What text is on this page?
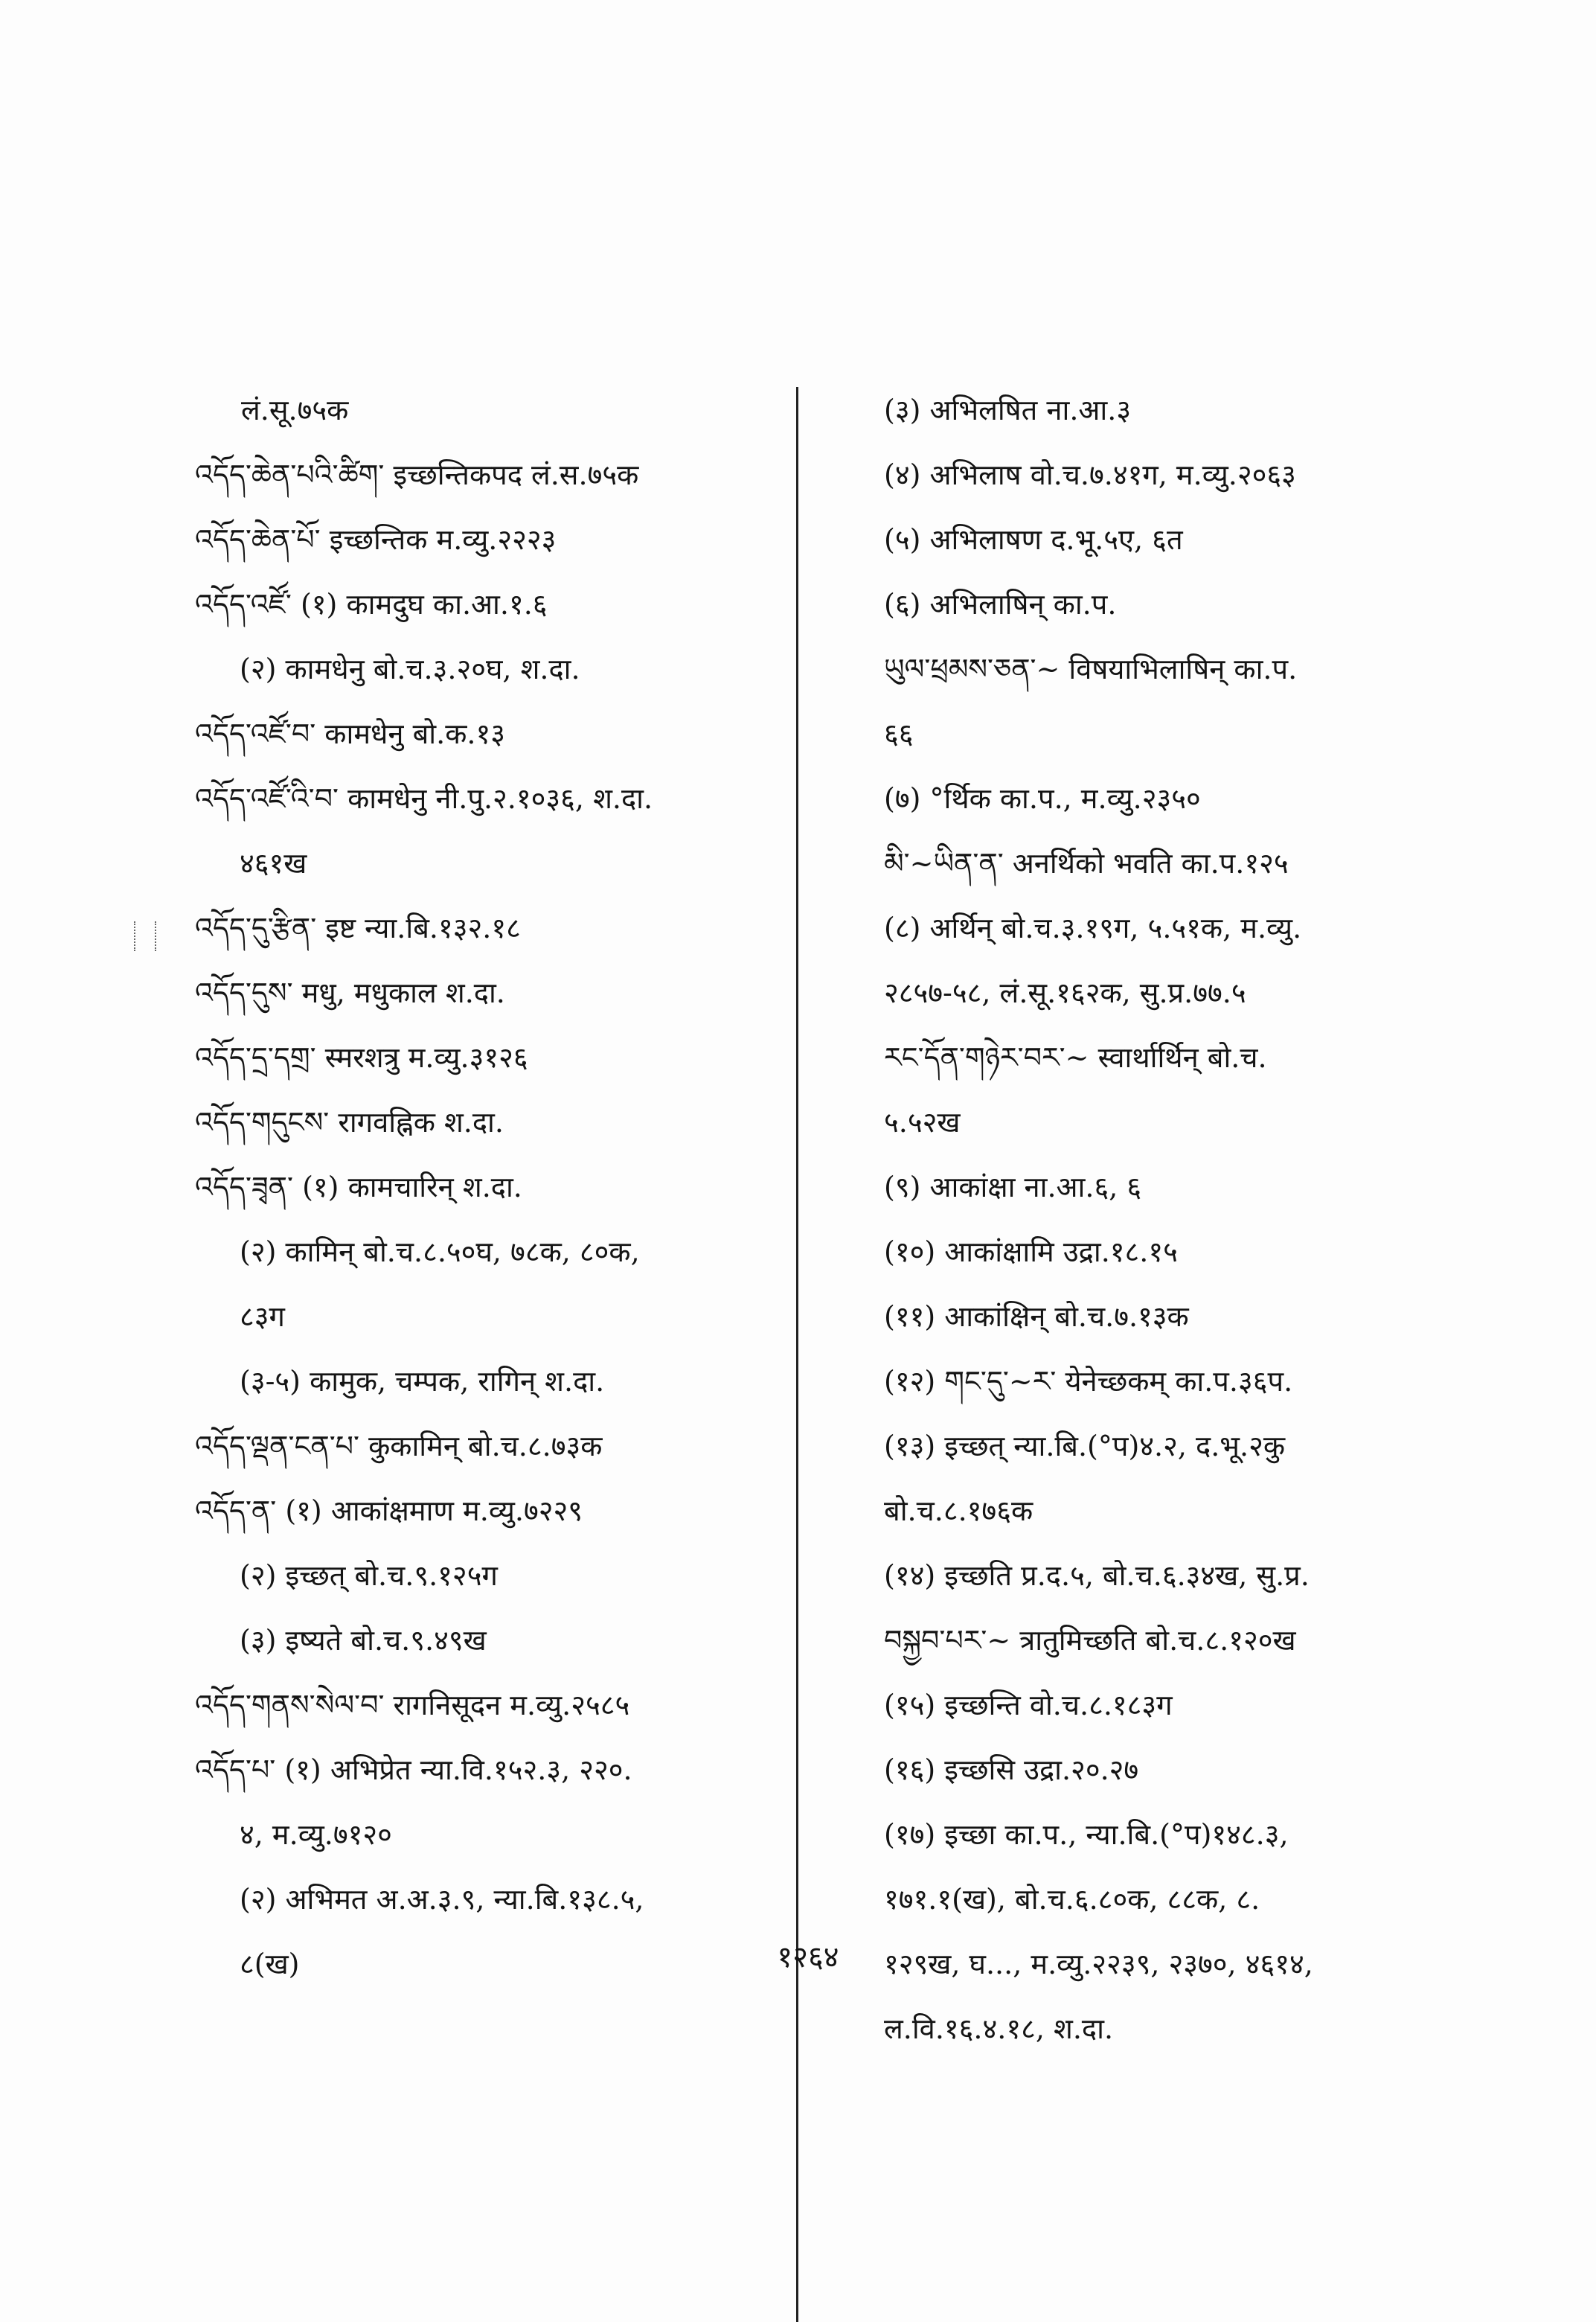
लं.सू.७५क
འདོད་ཆེན་པའི་ཚིག་ इच्छन्तिकपद लं.स.७५क
འདོད་ཆེན་པོ་ इच्छन्तिक म.व्यु.२२२३
འདོད་འཛོ་ (१) कामदुघ का.आ.१.६
(२) कामधेनु बो.च.३.२०घ, श.दा.
འདོད་འཛོ་བ་ कामधेनु बो.क.१३
འདོད་འཛོ་འི་བ་ कामधेनु नी.पु.२.१०३६, श.दा.
४६१ख
འདོད་དུ་རྩིན་ इष्ट न्या.बि.१३२.१८
འདོད་དུས་ मधु, मधुकाल श.दा.
འདོད་དྲ་དགྲ་ स्मरशत्रु म.व्यु.३१२६
འདོད་གདུངས་ रागवह्निक श.दा.
འདོད་ཟྭན་ (१) कामचारिन् श.दा.
(२) कामिन् बो.च.८.५०घ, ७८क, ८०क,
८३ग
(३-५) कामुक, चम्पक, रागिन् श.दा.
འདོད་ལྡན་ངན་པ་ कुकामिन् बो.च.८.७३क
འདོད་ན་ (१) आकांक्षमाण म.व्यु.७२२९
(२) इच्छत् बो.च.९.१२५ग
(३) इष्यते बो.च.९.४९ख
འདོད་གནས་སེལ་བ་ रागनिसूदन म.व्यु.२५८५
འདོད་པ་ (१) अभिप्रेत न्या.वि.१५२.३, २२०.
४, म.व्यु.७१२०
(२) अभिमत अ.अ.३.९, न्या.बि.१३८.५,
८(ख)
(३) अभिलषित ना.आ.३
(४) अभिलाष वो.च.७.४१ग, म.व्यु.२०६३
(५) अभिलाषण द.भू.५ए, ६त
(६) अभिलाषिन् का.प.
ཡུལ་ཕྲམས་ཅན་~ विषयाभिलाषिन् का.प.
६६
(७) °र्थिक का.प., म.व्यु.२३५०
མི་~ཡིན་ན་ अनर्थिको भवति का.प.१२५
(८) अर्थिन् बो.च.३.१९ग, ५.५१क, म.व्यु.
२८५७-५८, लं.सू.१६२क, सु.प्र.७७.५
རང་དོན་གཉེར་བར་~ स्वार्थार्थिन् बो.च.
५.५२ख
(९) आकांक्षा ना.आ.६, ६
(१०) आकांक्षामि उद्रा.१८.१५
(११) आकांक्षिन् बो.च.७.१३क
(१२) གང་དུ་~ར་ येनेच्छकम् का.प.३६प.
(१३) इच्छत् न्या.बि.(°प)४.२, द.भू.२कु
बो.च.८.१७६क
(१४) इच्छति प्र.द.५, बो.च.६.३४ख, सु.प्र.
བསྐྱབ་པར་~ त्रातुमिच्छति बो.च.८.१२०ख
(१५) इच्छन्ति वो.च.८.१८३ग
(१६) इच्छसि उद्रा.२०.२७
(१७) इच्छा का.प., न्या.बि.(°प)१४८.३,
१७१.१(ख), बो.च.६.८०क, ८८क, ८.
१२९ख, घ..., म.व्यु.२२३९, २३७०, ४६१४,
ल.वि.१६.४.१८, श.दा.
१२६४
